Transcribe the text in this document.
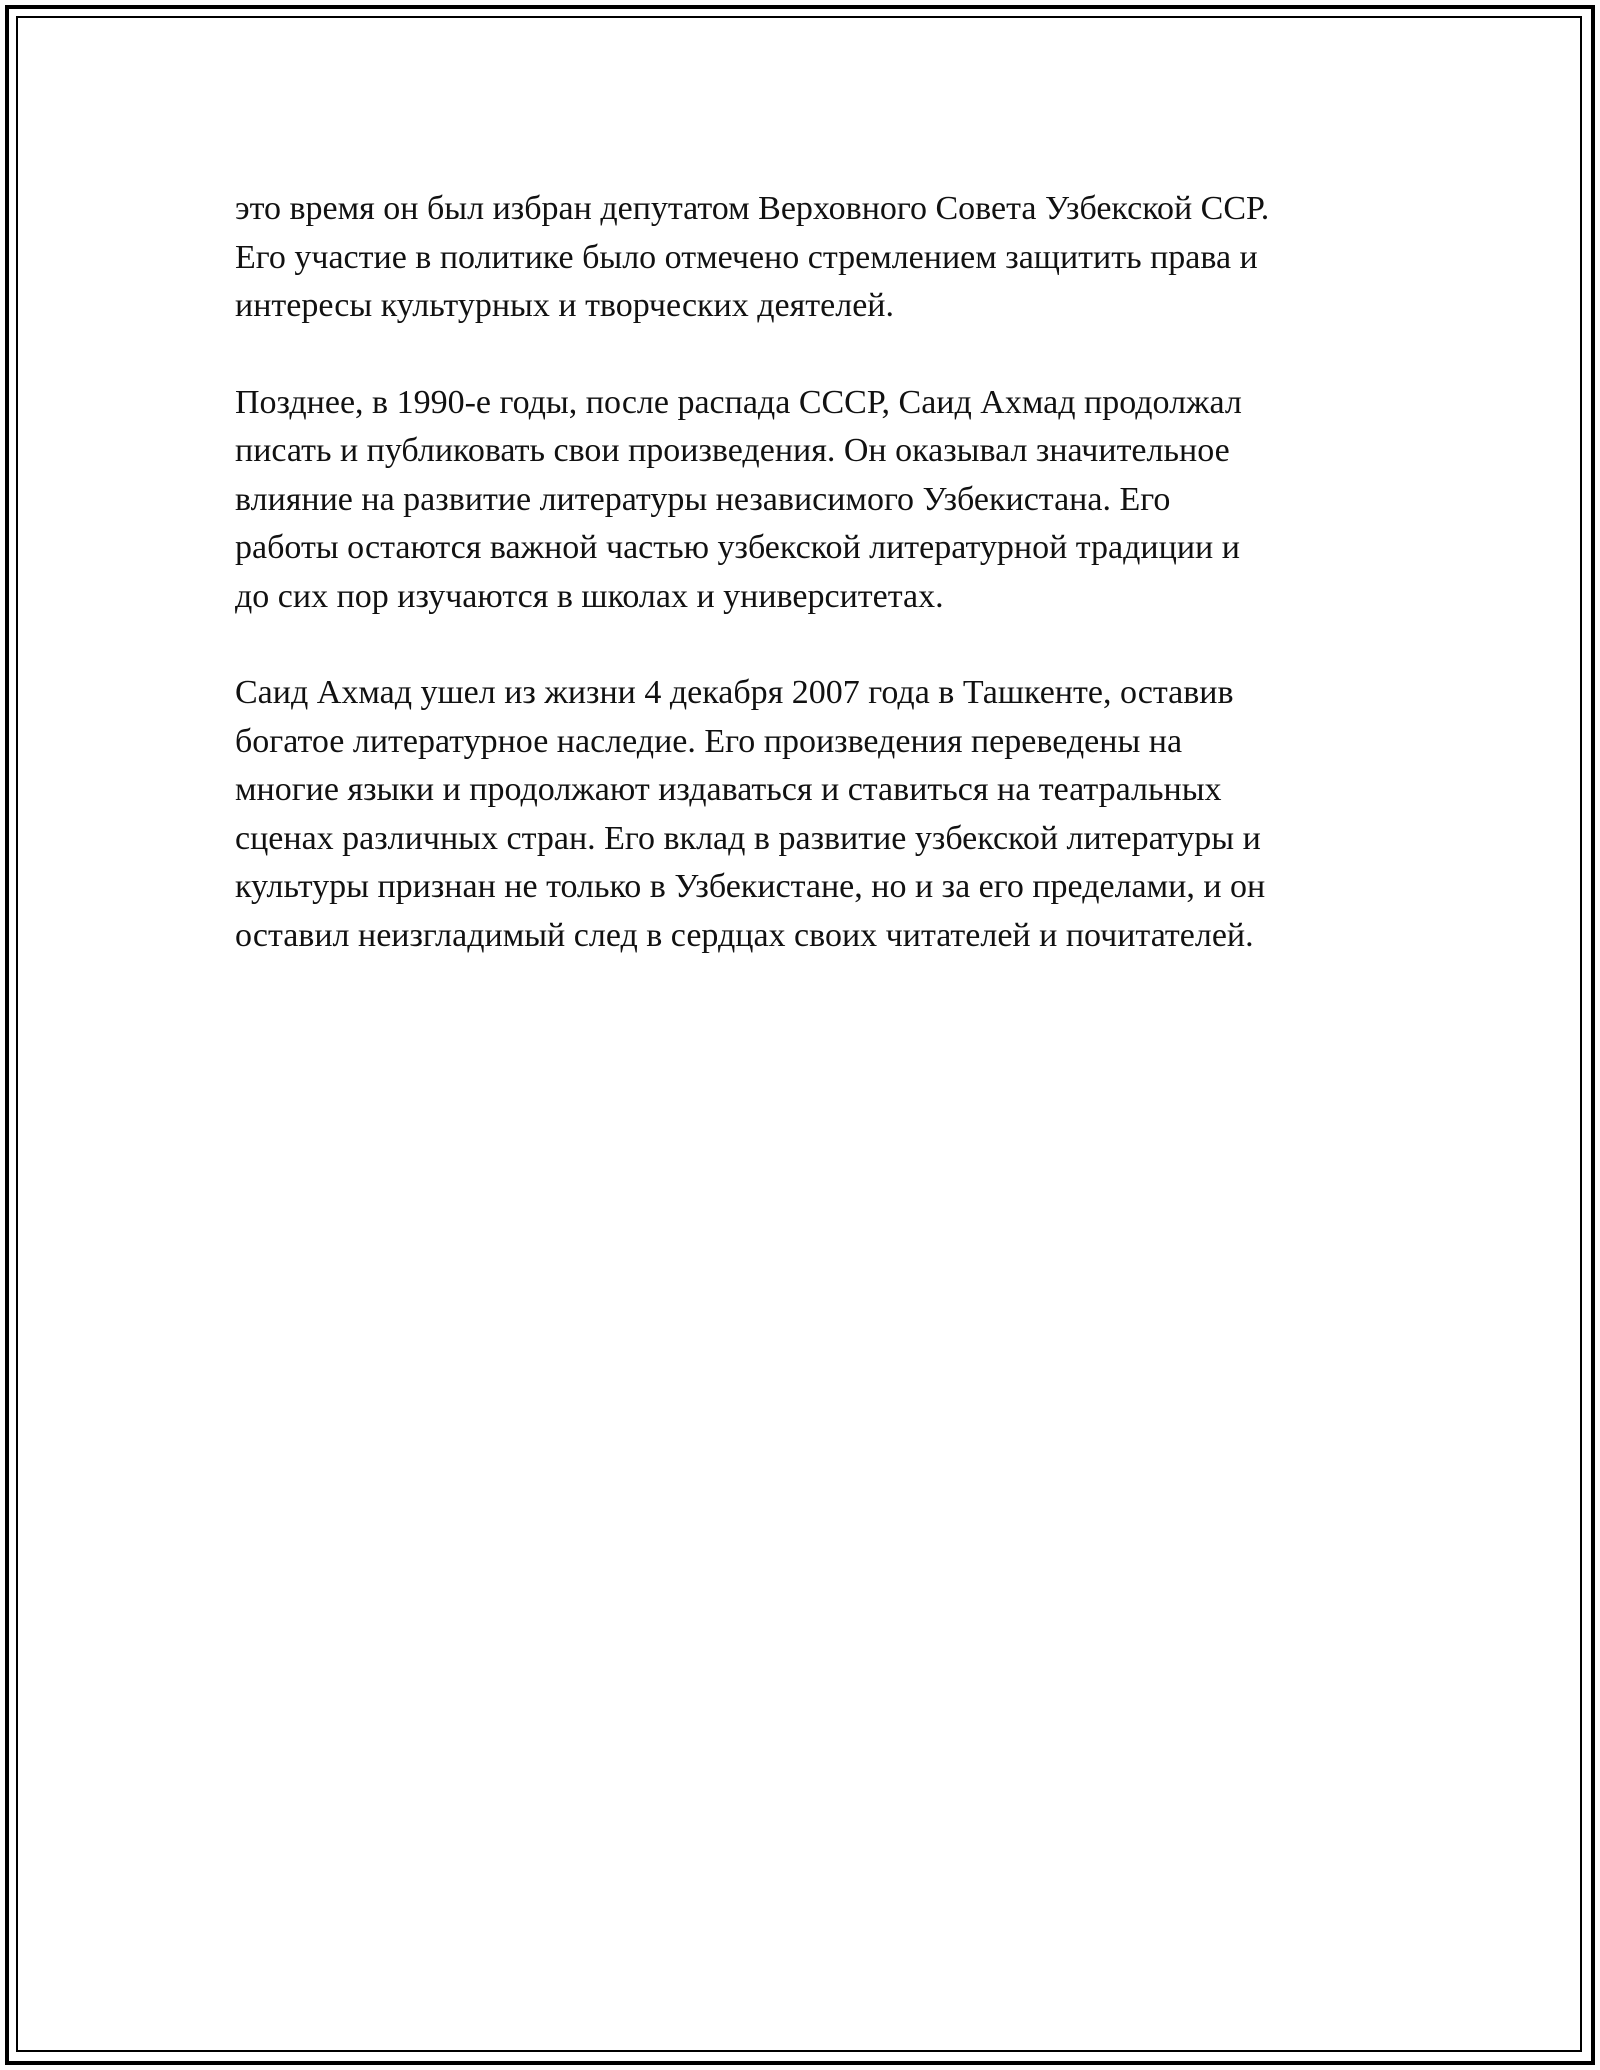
это время он был избран депутатом Верховного Совета Узбекской ССР.
Его участие в политике было отмечено стремлением защитить права и
интересы культурных и творческих деятелей.

Позднее, в 1990-е годы, после распада СССР, Саид Ахмад продолжал
писать и публиковать свои произведения. Он оказывал значительное
влияние на развитие литературы независимого Узбекистана. Его
работы остаются важной частью узбекской литературной традиции и
до сих пор изучаются в школах и университетах.

Саид Ахмад ушел из жизни 4 декабря 2007 года в Ташкенте, оставив
богатое литературное наследие. Его произведения переведены на
многие языки и продолжают издаваться и ставиться на театральных
сценах различных стран. Его вклад в развитие узбекской литературы и
культуры признан не только в Узбекистане, но и за его пределами, и он
оставил неизгладимый след в сердцах своих читателей и почитателей.
